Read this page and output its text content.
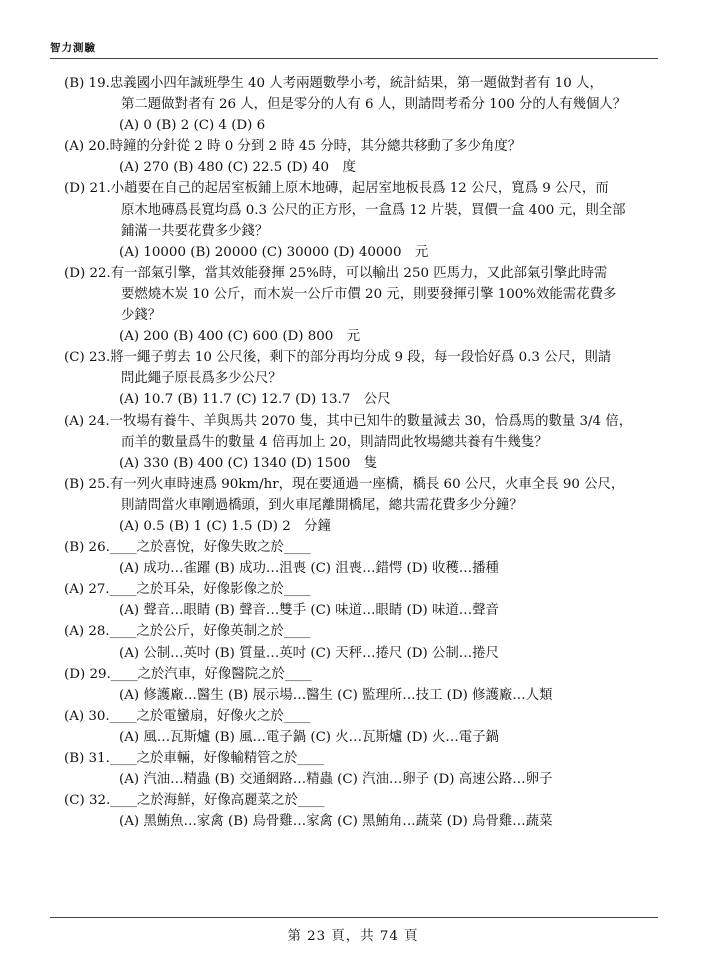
智力測驗
(B) 19.忠義國小四年誠班學生 40 人考兩題數學小考，統計結果，第一題做對者有 10 人，
第二題做對者有 26 人，但是零分的人有 6 人，則請問考希分 100 分的人有幾個人？
(A) 0 (B) 2 (C) 4 (D) 6
(A) 20.時鐘的分針從 2 時 0 分到 2 時 45 分時，其分總共移動了多少角度？
(A) 270 (B) 480 (C) 22.5 (D) 40　度
(D) 21.小趙要在自己的起居室板鋪上原木地磚，起居室地板長爲 12 公尺，寬爲 9 公尺，而
原木地磚爲長寬均爲 0.3 公尺的正方形，一盒爲 12 片裝，買價一盒 400 元，則全部
鋪滿一共要花費多少錢？
(A) 10000 (B) 20000 (C) 30000 (D) 40000　元
(D) 22.有一部氣引擎，當其效能發揮 25%時，可以輸出 250 匹馬力，又此部氣引擎此時需
要燃燒木炭 10 公斤，而木炭一公斤市價 20 元，則要發揮引擎 100%效能需花費多
少錢？
(A) 200 (B) 400 (C) 600 (D) 800　元
(C) 23.將一繩子剪去 10 公尺後，剩下的部分再均分成 9 段，每一段恰好爲 0.3 公尺，則請
問此繩子原長爲多少公尺？
(A) 10.7 (B) 11.7 (C) 12.7 (D) 13.7　公尺
(A) 24.一牧場有養牛、羊與馬共 2070 隻，其中已知牛的數量減去 30，恰爲馬的數量 3/4 倍，
而羊的數量爲牛的數量 4 倍再加上 20，則請問此牧場總共養有牛幾隻？
(A) 330 (B) 400 (C) 1340 (D) 1500　隻
(B) 25.有一列火車時速爲 90km/hr，現在要通過一座橋，橋長 60 公尺，火車全長 90 公尺，
則請問當火車剛過橋頭，到火車尾離開橋尾，總共需花費多少分鐘？
(A) 0.5 (B) 1 (C) 1.5 (D) 2　分鐘
(B) 26.____之於喜悅，好像失敗之於____
(A) 成功…雀躍 (B) 成功…沮喪 (C) 沮喪…錯愕 (D) 收穫…播種
(A) 27.____之於耳朵，好像影像之於____
(A) 聲音…眼睛 (B) 聲音…雙手 (C) 味道…眼睛 (D) 味道…聲音
(A) 28.____之於公斤，好像英制之於____
(A) 公制…英吋 (B) 質量…英吋 (C) 天秤…捲尺 (D) 公制…捲尺
(D) 29.____之於汽車，好像醫院之於____
(A) 修護廠…醫生 (B) 展示場…醫生 (C) 監理所…技工 (D) 修護廠…人類
(A) 30.____之於電蠻扇，好像火之於____
(A) 風…瓦斯爐 (B) 風…電子鍋 (C) 火…瓦斯爐 (D) 火…電子鍋
(B) 31.____之於車輛，好像輸精管之於____
(A) 汽油…精蟲 (B) 交通網路…精蟲 (C) 汽油…卵子 (D) 高速公路…卵子
(C) 32.____之於海鮮，好像高麗菜之於____
(A) 黑鮪魚…家禽 (B) 烏骨雞…家禽 (C) 黑鮪角…蔬菜 (D) 烏骨雞…蔬菜
第 23 頁，共 74 頁
